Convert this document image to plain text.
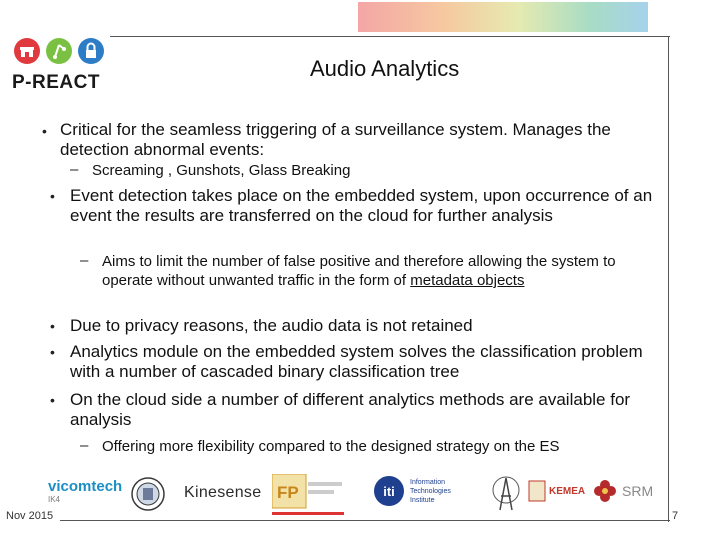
P-REACT
Audio Analytics
• Critical for the seamless triggering of a surveillance system. Manages the detection abnormal events:
– Screaming , Gunshots, Glass Breaking
• Event detection takes place on the embedded system, upon occurrence of an event the results are transferred on the cloud for further analysis
– Aims to limit the number of false positive and therefore allowing the system to operate without unwanted traffic in the form of metadata objects
• Due to privacy reasons, the audio data is not retained
• Analytics module on the embedded system solves the classification problem with a number of cascaded binary classification tree
• On the cloud side a number of different analytics methods are available for analysis
– Offering more flexibility compared to the designed strategy on the ES
vicomtech
IK4	Kinesense FP	iti
Information
Technologies
Institute
KEMEA	SRM
Nov 2015	7
